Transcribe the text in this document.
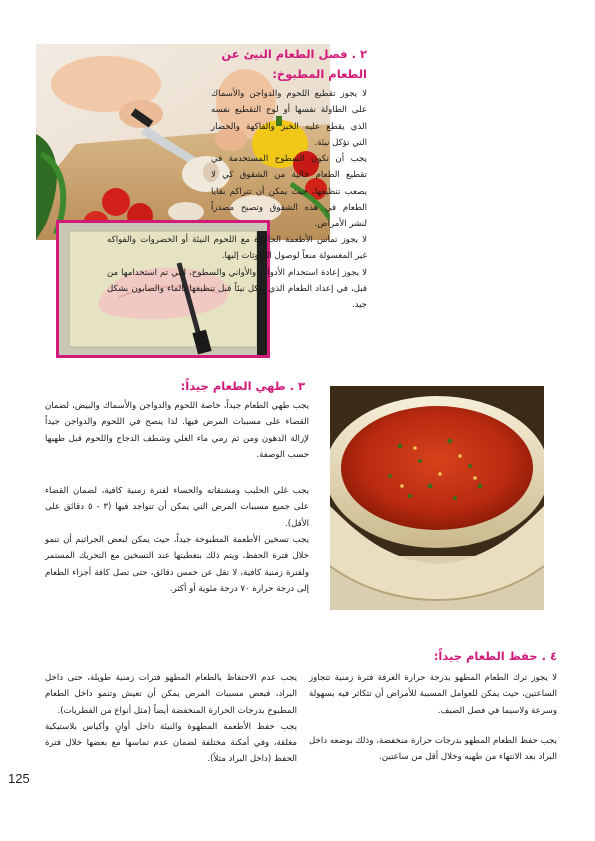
٢ . فصل الطعام النيئ عن الطعام المطبوخ:

لا يجوز تقطيع اللحوم والدواجن والأسماك على الطاولة نفسها أو لوح التقطيع نفسه الذي يقطع عليه الخبز والفاكهة والخضار التي تؤكل نيئة.

يجب أن تكون السطوح المستخدمة في تقطيع الطعام خالية من الشقوق كي لا يصعب تنظيفها، حيث يمكن أن تتراكم بقايا الطعام في هذه الشقوق وتصبح مصدراً لنشر الأمراض.

لا يجوز تماس الأطعمة الجاهزة مع اللحوم النيئة أو الخضروات والفواكه غير المغسولة منعاً لوصول الملوثات إليها.

لا يجوز إعادة استخدام الأدوات والأواني والسطوح، التي تم استخدامها من قبل، في إعداد الطعام الذي يؤكل نيئاً قبل تنظيفها بالماء والصابون بشكل جيد.

٣ . طهي الطعام جيداً:

يجب طهي الطعام جيداً، خاصة اللحوم والدواجن والأسماك والبيض، لضمان القضاء على مسببات المرض فيها. لذا ينصح في اللحوم والدواجن جيداً لإزالة الدهون ومن ثم رمي ماء الغلي وشطف الدجاج واللحوم قبل طهيها حسب الوصفة.

يجب غلي الحليب ومشتقاته والحساء لفترة زمنية كافية، لضمان القضاء على جميع مسببات المرض التي يمكن أن تتواجد فيها (٣ - ٥ دقائق على الأقل).

يجب تسخين الأطعمة المطبوخة جيداً، حيث يمكن لبعض الجراثيم أن تنمو خلال فترة الحفظ، ويتم ذلك بتغطيتها عند التسخين مع التحريك المستمر ولفترة زمنية كافية، لا تقل عن خمس دقائق، حتى تصل كافة أجزاء الطعام إلى درجة حرارة ٧٠ درجة مئوية أو أكثر.

٤ . حفظ الطعام جيداً:

لا يجوز ترك الطعام المطهو بدرجة حرارة الغرفة فترة زمنية تتجاوز الساعتين، حيث يمكن للعوامل المسببة للأمراض أن تتكاثر فيه بسهولة وسرعة ولاسيما في فصل الصيف.

يجب حفظ الطعام المطهو بدرجات حرارة منخفضة، وذلك بوضعه داخل البراد بعد الانتهاء من طهيه وخلال أقل من ساعتين.

يجب عدم الاحتفاظ بالطعام المطهو فترات زمنية طويلة، حتى داخل البراد، فبعض مسببات المرض يمكن أن تعيش وتنمو داخل الطعام المطبوخ بدرجات الحرارة المنخفضة أيضاً (مثل أنواع من الفطريات).

يجب حفظ الأطعمة المطهوة والنيئة داخل أوانٍ وأكياس بلاستيكية مغلقة، وفي أمكنة مختلفة لضمان عدم تماسها مع بعضها خلال فترة الحفظ (داخل البراد مثلاً).

125
